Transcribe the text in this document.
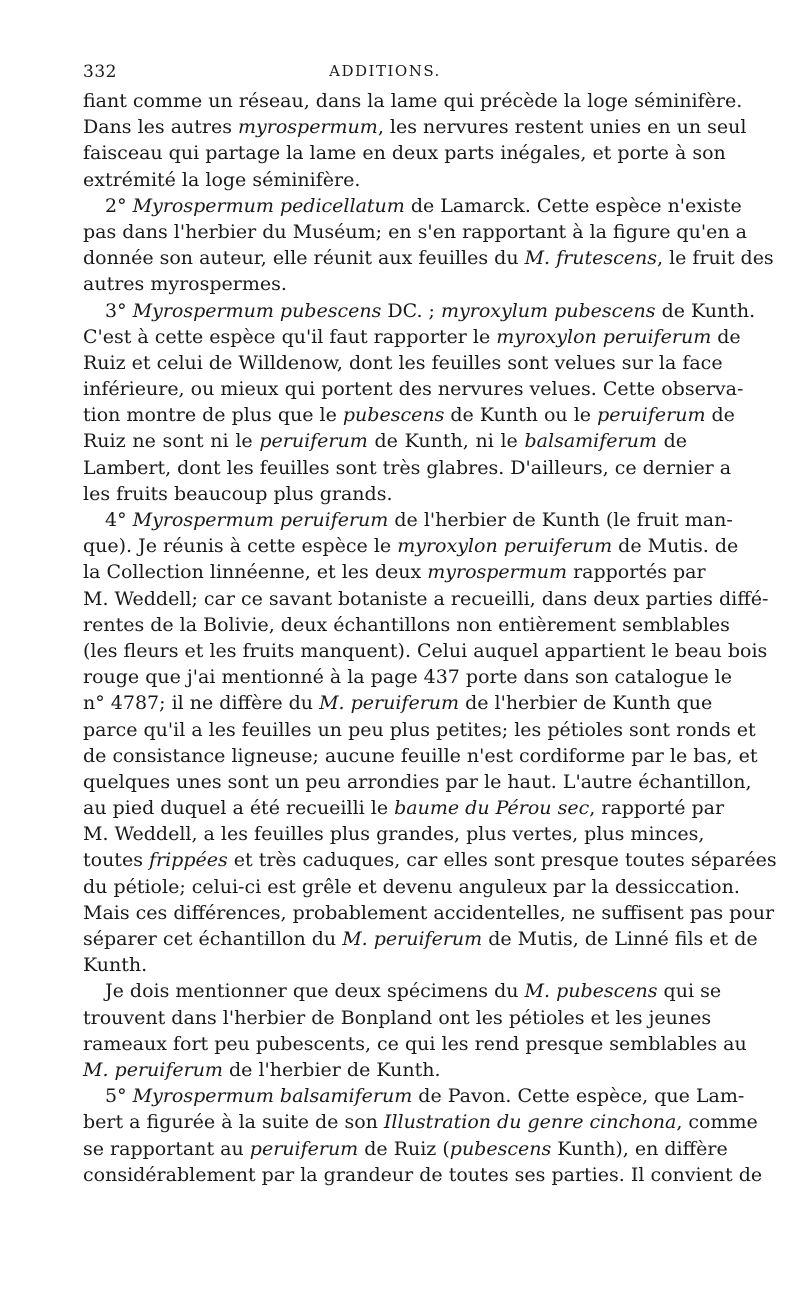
332	ADDITIONS.
fiant comme un réseau, dans la lame qui précède la loge séminifère.
Dans les autres myrospermum, les nervures restent unies en un seul
faisceau qui partage la lame en deux parts inégales, et porte à son
extrémité la loge séminifère.
2° Myrospermum pedicellatum de Lamarck. Cette espèce n'existe
pas dans l'herbier du Muséum; en s'en rapportant à la figure qu'en a
donnée son auteur, elle réunit aux feuilles du M. frutescens, le fruit des
autres myrospermes.
3° Myrospermum pubescens DC. ; myroxylum pubescens de Kunth.
C'est à cette espèce qu'il faut rapporter le myroxylon peruiferum de
Ruiz et celui de Willdenow, dont les feuilles sont velues sur la face
inférieure, ou mieux qui portent des nervures velues. Cette observa-
tion montre de plus que le pubescens de Kunth ou le peruiferum de
Ruiz ne sont ni le peruiferum de Kunth, ni le balsamiferum de
Lambert, dont les feuilles sont très glabres. D'ailleurs, ce dernier a
les fruits beaucoup plus grands.
4° Myrospermum peruiferum de l'herbier de Kunth (le fruit man-
que). Je réunis à cette espèce le myroxylon peruiferum de Mutis. de
la Collection linnéenne, et les deux myrospermum rapportés par
M. Weddell; car ce savant botaniste a recueilli, dans deux parties diffé-
rentes de la Bolivie, deux échantillons non entièrement semblables
(les fleurs et les fruits manquent). Celui auquel appartient le beau bois
rouge que j'ai mentionné à la page 437 porte dans son catalogue le
n° 4787; il ne diffère du M. peruiferum de l'herbier de Kunth que
parce qu'il a les feuilles un peu plus petites; les pétioles sont ronds et
de consistance ligneuse; aucune feuille n'est cordiforme par le bas, et
quelques unes sont un peu arrondies par le haut. L'autre échantillon,
au pied duquel a été recueilli le baume du Pérou sec, rapporté par
M. Weddell, a les feuilles plus grandes, plus vertes, plus minces,
toutes frippées et très caduques, car elles sont presque toutes séparées
du pétiole; celui-ci est grêle et devenu anguleux par la dessiccation.
Mais ces différences, probablement accidentelles, ne suffisent pas pour
séparer cet échantillon du M. peruiferum de Mutis, de Linné fils et de
Kunth.
Je dois mentionner que deux spécimens du M. pubescens qui se
trouvent dans l'herbier de Bonpland ont les pétioles et les jeunes
rameaux fort peu pubescents, ce qui les rend presque semblables au
M. peruiferum de l'herbier de Kunth.
5° Myrospermum balsamiferum de Pavon. Cette espèce, que Lam-
bert a figurée à la suite de son Illustration du genre cinchona, comme
se rapportant au peruiferum de Ruiz (pubescens Kunth), en diffère
considérablement par la grandeur de toutes ses parties. Il convient de
